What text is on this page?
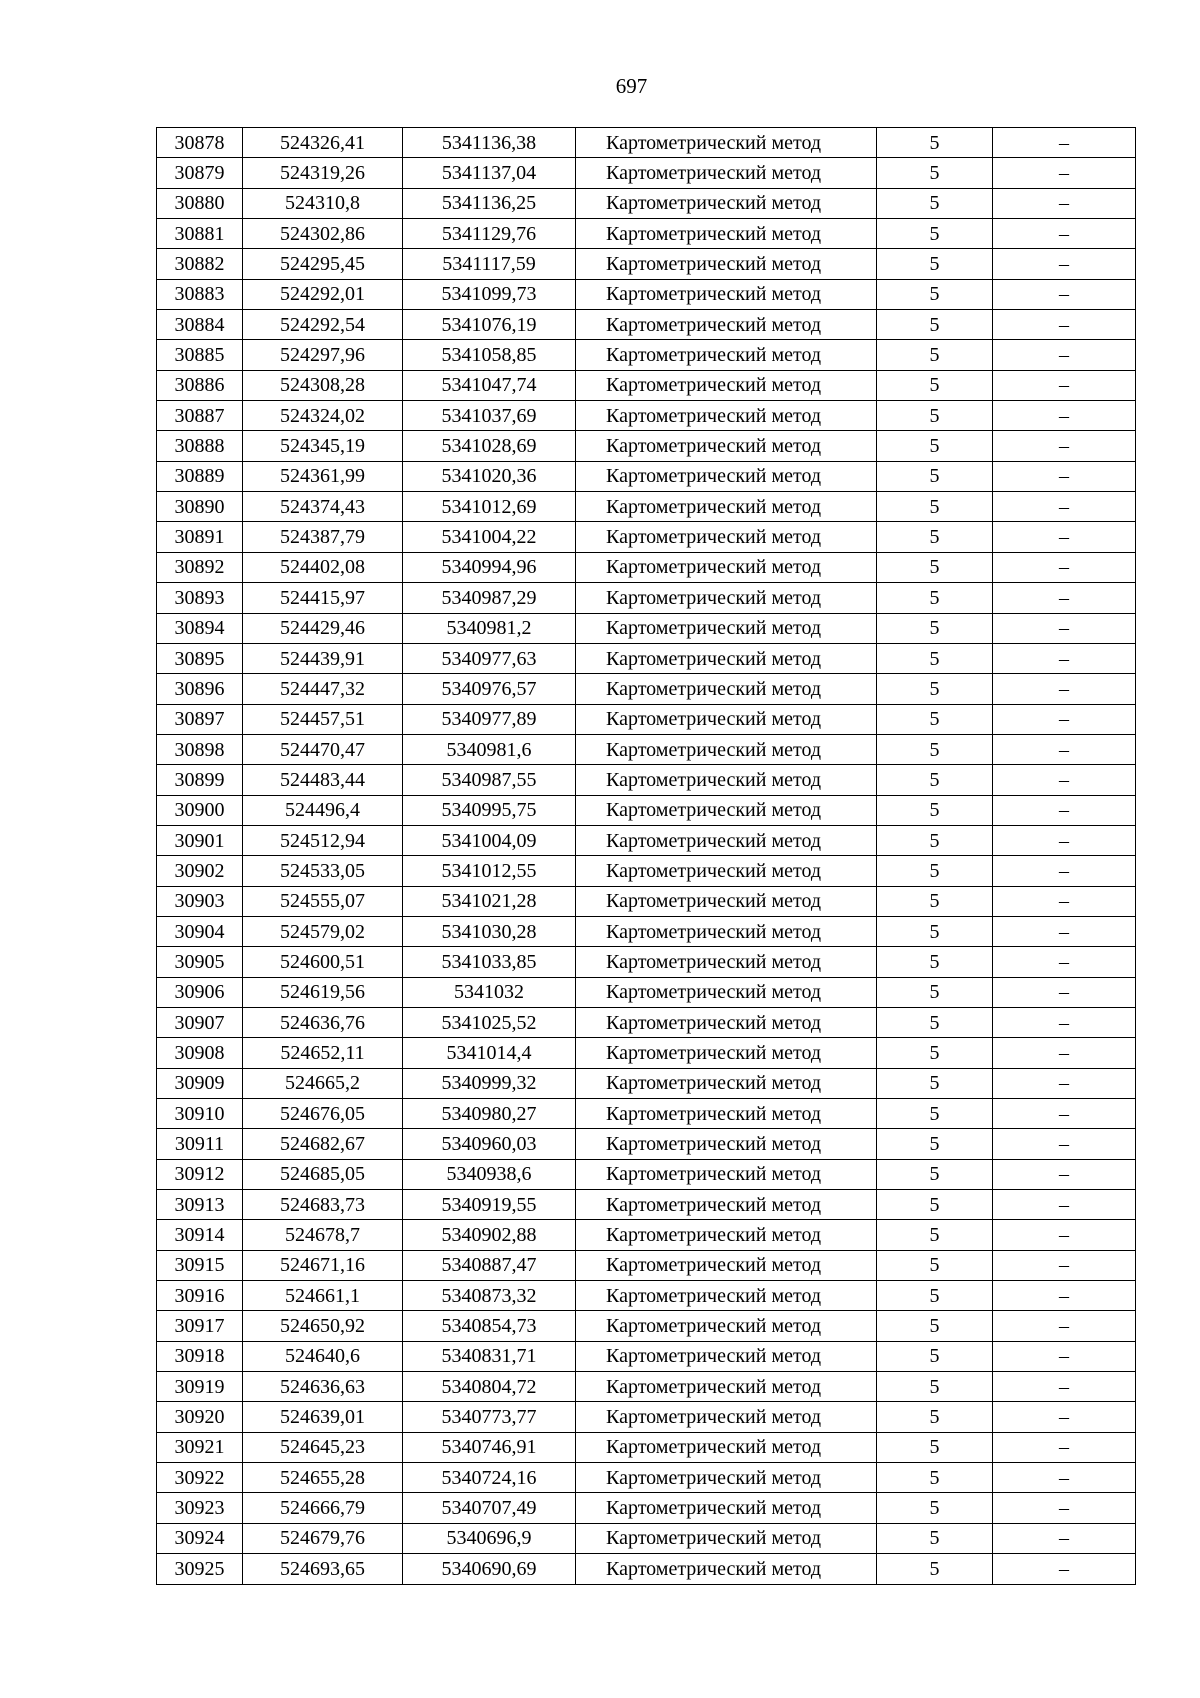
697
30878	524326,41	5341136,38	Картометрический метод	5	–
30879	524319,26	5341137,04	Картометрический метод	5	–
30880	524310,8	5341136,25	Картометрический метод	5	–
30881	524302,86	5341129,76	Картометрический метод	5	–
30882	524295,45	5341117,59	Картометрический метод	5	–
30883	524292,01	5341099,73	Картометрический метод	5	–
30884	524292,54	5341076,19	Картометрический метод	5	–
30885	524297,96	5341058,85	Картометрический метод	5	–
30886	524308,28	5341047,74	Картометрический метод	5	–
30887	524324,02	5341037,69	Картометрический метод	5	–
30888	524345,19	5341028,69	Картометрический метод	5	–
30889	524361,99	5341020,36	Картометрический метод	5	–
30890	524374,43	5341012,69	Картометрический метод	5	–
30891	524387,79	5341004,22	Картометрический метод	5	–
30892	524402,08	5340994,96	Картометрический метод	5	–
30893	524415,97	5340987,29	Картометрический метод	5	–
30894	524429,46	5340981,2	Картометрический метод	5	–
30895	524439,91	5340977,63	Картометрический метод	5	–
30896	524447,32	5340976,57	Картометрический метод	5	–
30897	524457,51	5340977,89	Картометрический метод	5	–
30898	524470,47	5340981,6	Картометрический метод	5	–
30899	524483,44	5340987,55	Картометрический метод	5	–
30900	524496,4	5340995,75	Картометрический метод	5	–
30901	524512,94	5341004,09	Картометрический метод	5	–
30902	524533,05	5341012,55	Картометрический метод	5	–
30903	524555,07	5341021,28	Картометрический метод	5	–
30904	524579,02	5341030,28	Картометрический метод	5	–
30905	524600,51	5341033,85	Картометрический метод	5	–
30906	524619,56	5341032	Картометрический метод	5	–
30907	524636,76	5341025,52	Картометрический метод	5	–
30908	524652,11	5341014,4	Картометрический метод	5	–
30909	524665,2	5340999,32	Картометрический метод	5	–
30910	524676,05	5340980,27	Картометрический метод	5	–
30911	524682,67	5340960,03	Картометрический метод	5	–
30912	524685,05	5340938,6	Картометрический метод	5	–
30913	524683,73	5340919,55	Картометрический метод	5	–
30914	524678,7	5340902,88	Картометрический метод	5	–
30915	524671,16	5340887,47	Картометрический метод	5	–
30916	524661,1	5340873,32	Картометрический метод	5	–
30917	524650,92	5340854,73	Картометрический метод	5	–
30918	524640,6	5340831,71	Картометрический метод	5	–
30919	524636,63	5340804,72	Картометрический метод	5	–
30920	524639,01	5340773,77	Картометрический метод	5	–
30921	524645,23	5340746,91	Картометрический метод	5	–
30922	524655,28	5340724,16	Картометрический метод	5	–
30923	524666,79	5340707,49	Картометрический метод	5	–
30924	524679,76	5340696,9	Картометрический метод	5	–
30925	524693,65	5340690,69	Картометрический метод	5	–
